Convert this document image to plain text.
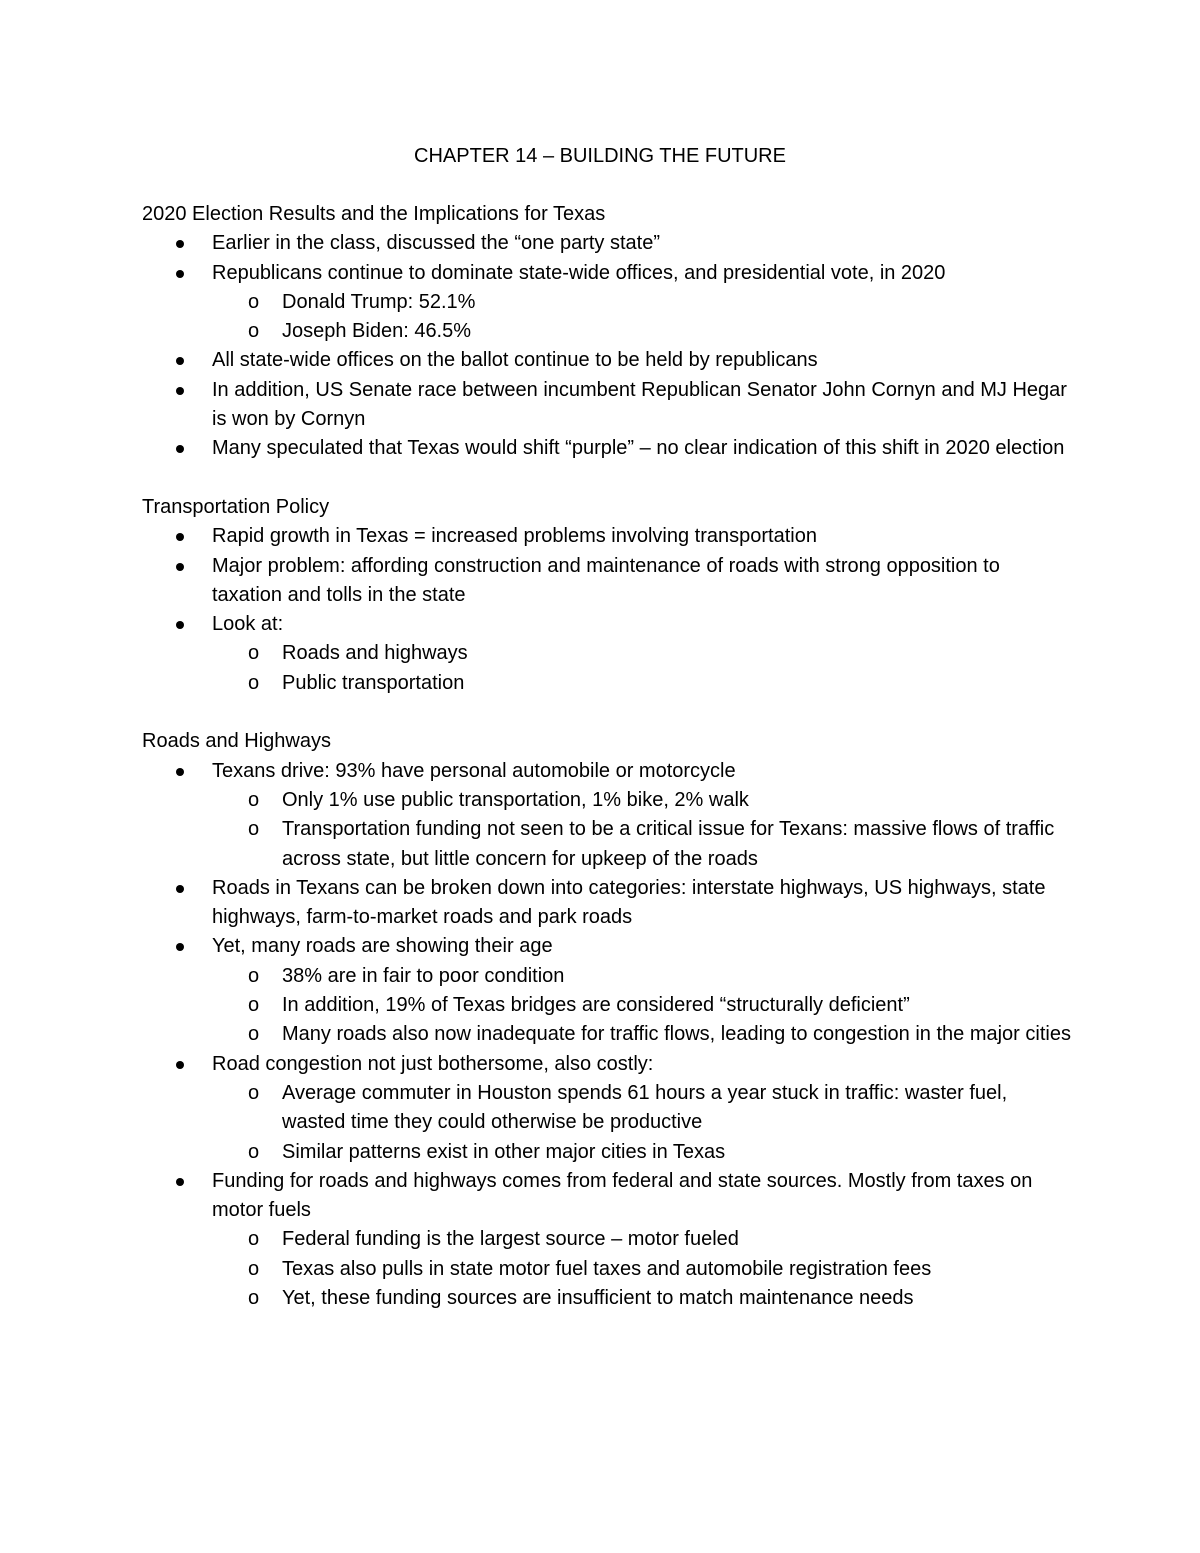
CHAPTER 14 – BUILDING THE FUTURE
2020 Election Results and the Implications for Texas
Earlier in the class, discussed the “one party state”
Republicans continue to dominate state-wide offices, and presidential vote, in 2020
o Donald Trump: 52.1%
o Joseph Biden: 46.5%
All state-wide offices on the ballot continue to be held by republicans
In addition, US Senate race between incumbent Republican Senator John Cornyn and MJ Hegar is won by Cornyn
Many speculated that Texas would shift “purple” – no clear indication of this shift in 2020 election
Transportation Policy
Rapid growth in Texas = increased problems involving transportation
Major problem: affording construction and maintenance of roads with strong opposition to taxation and tolls in the state
Look at:
o Roads and highways
o Public transportation
Roads and Highways
Texans drive: 93% have personal automobile or motorcycle
o Only 1% use public transportation, 1% bike, 2% walk
o Transportation funding not seen to be a critical issue for Texans: massive flows of traffic across state, but little concern for upkeep of the roads
Roads in Texans can be broken down into categories: interstate highways, US highways, state highways, farm-to-market roads and park roads
Yet, many roads are showing their age
o 38% are in fair to poor condition
o In addition, 19% of Texas bridges are considered “structurally deficient”
o Many roads also now inadequate for traffic flows, leading to congestion in the major cities
Road congestion not just bothersome, also costly:
o Average commuter in Houston spends 61 hours a year stuck in traffic: waster fuel, wasted time they could otherwise be productive
o Similar patterns exist in other major cities in Texas
Funding for roads and highways comes from federal and state sources. Mostly from taxes on motor fuels
o Federal funding is the largest source – motor fueled
o Texas also pulls in state motor fuel taxes and automobile registration fees
o Yet, these funding sources are insufficient to match maintenance needs
